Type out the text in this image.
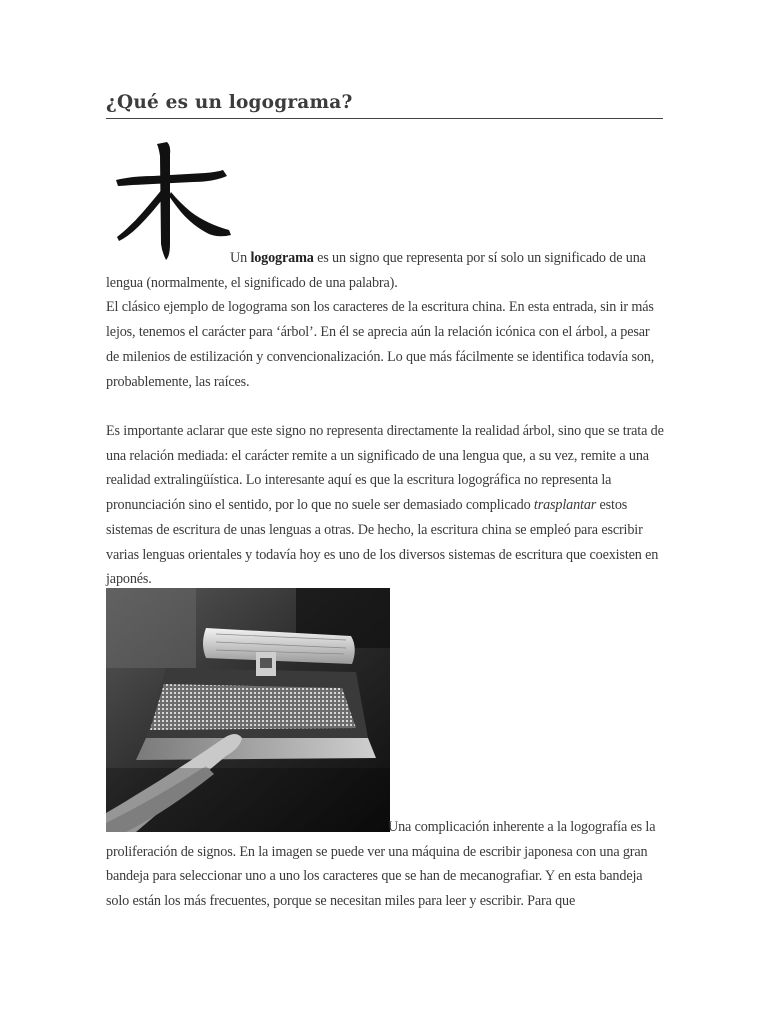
¿Qué es un logograma?

Un logograma es un signo que representa por sí solo un significado de una lengua (normalmente, el significado de una palabra).
El clásico ejemplo de logograma son los caracteres de la escritura china. En esta entrada, sin ir más lejos, tenemos el carácter para ‘árbol’. En él se aprecia aún la relación icónica con el árbol, a pesar de milenios de estilización y convencionalización. Lo que más fácilmente se identifica todavía son, probablemente, las raíces.

Es importante aclarar que este signo no representa directamente la realidad árbol, sino que se trata de una relación mediada: el carácter remite a un significado de una lengua que, a su vez, remite a una realidad extralingüística. Lo interesante aquí es que la escritura logográfica no representa la pronunciación sino el sentido, por lo que no suele ser demasiado complicado trasplantar estos sistemas de escritura de unas lenguas a otras. De hecho, la escritura china se empleó para escribir varias lenguas orientales y todavía hoy es uno de los diversos sistemas de escritura que coexisten en japonés.

Una complicación inherente a la logografía es la proliferación de signos. En la imagen se puede ver una máquina de escribir japonesa con una gran bandeja para seleccionar uno a uno los caracteres que se han de mecanografiar. Y en esta bandeja solo están los más frecuentes, porque se necesitan miles para leer y escribir. Para que
